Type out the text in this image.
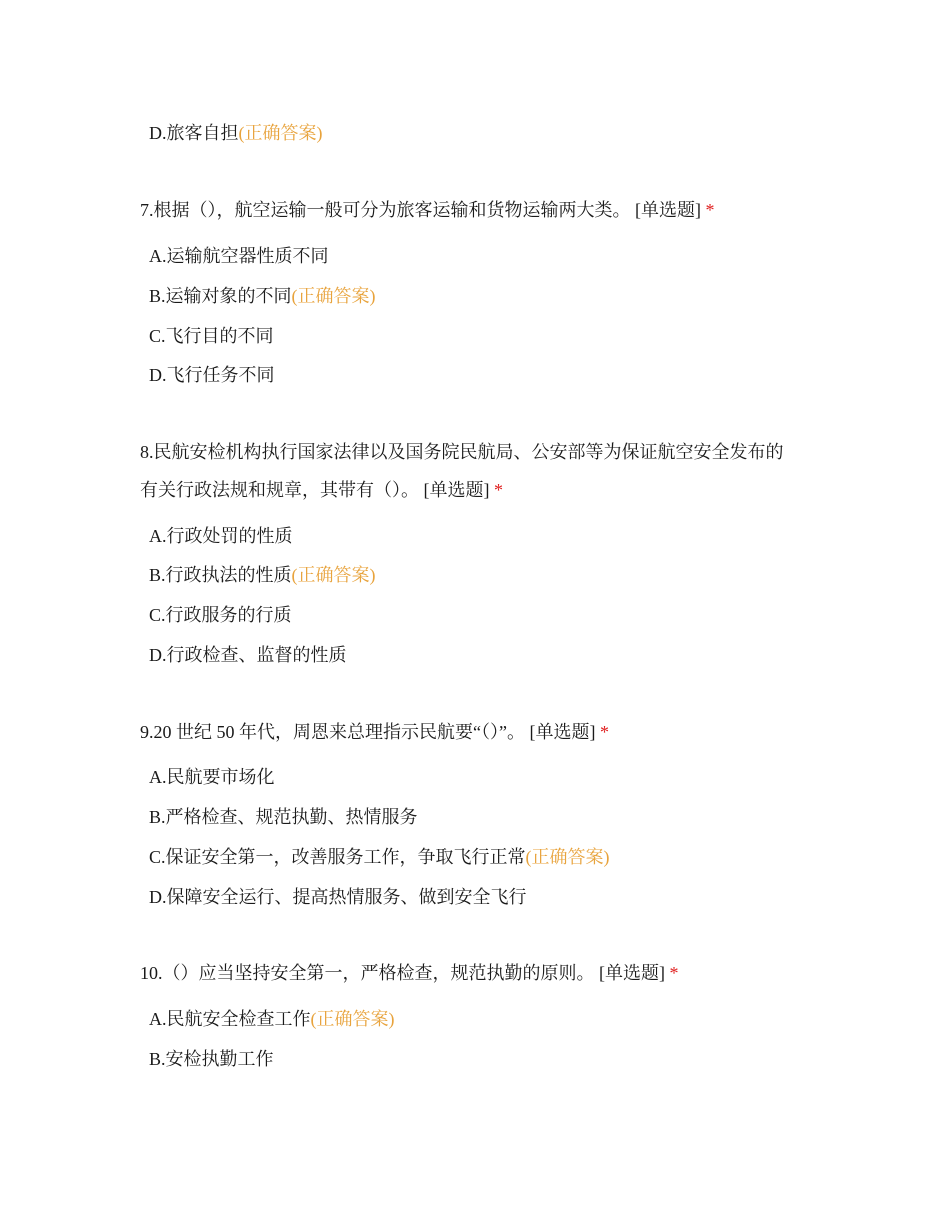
D.旅客自担(正确答案)
7.根据（），航空运输一般可分为旅客运输和货物运输两大类。 [单选题] *
A.运输航空器性质不同
B.运输对象的不同(正确答案)
C.飞行目的不同
D.飞行任务不同
8.民航安检机构执行国家法律以及国务院民航局、公安部等为保证航空安全发布的
有关行政法规和规章，其带有（）。 [单选题] *
A.行政处罚的性质
B.行政执法的性质(正确答案)
C.行政服务的行质
D.行政检查、监督的性质
9.20 世纪 50 年代，周恩来总理指示民航要“（）”。 [单选题] *
A.民航要市场化
B.严格检查、规范执勤、热情服务
C.保证安全第一，改善服务工作，争取飞行正常(正确答案)
D.保障安全运行、提高热情服务、做到安全飞行
10.（）应当坚持安全第一，严格检查，规范执勤的原则。 [单选题] *
A.民航安全检查工作(正确答案)
B.安检执勤工作
